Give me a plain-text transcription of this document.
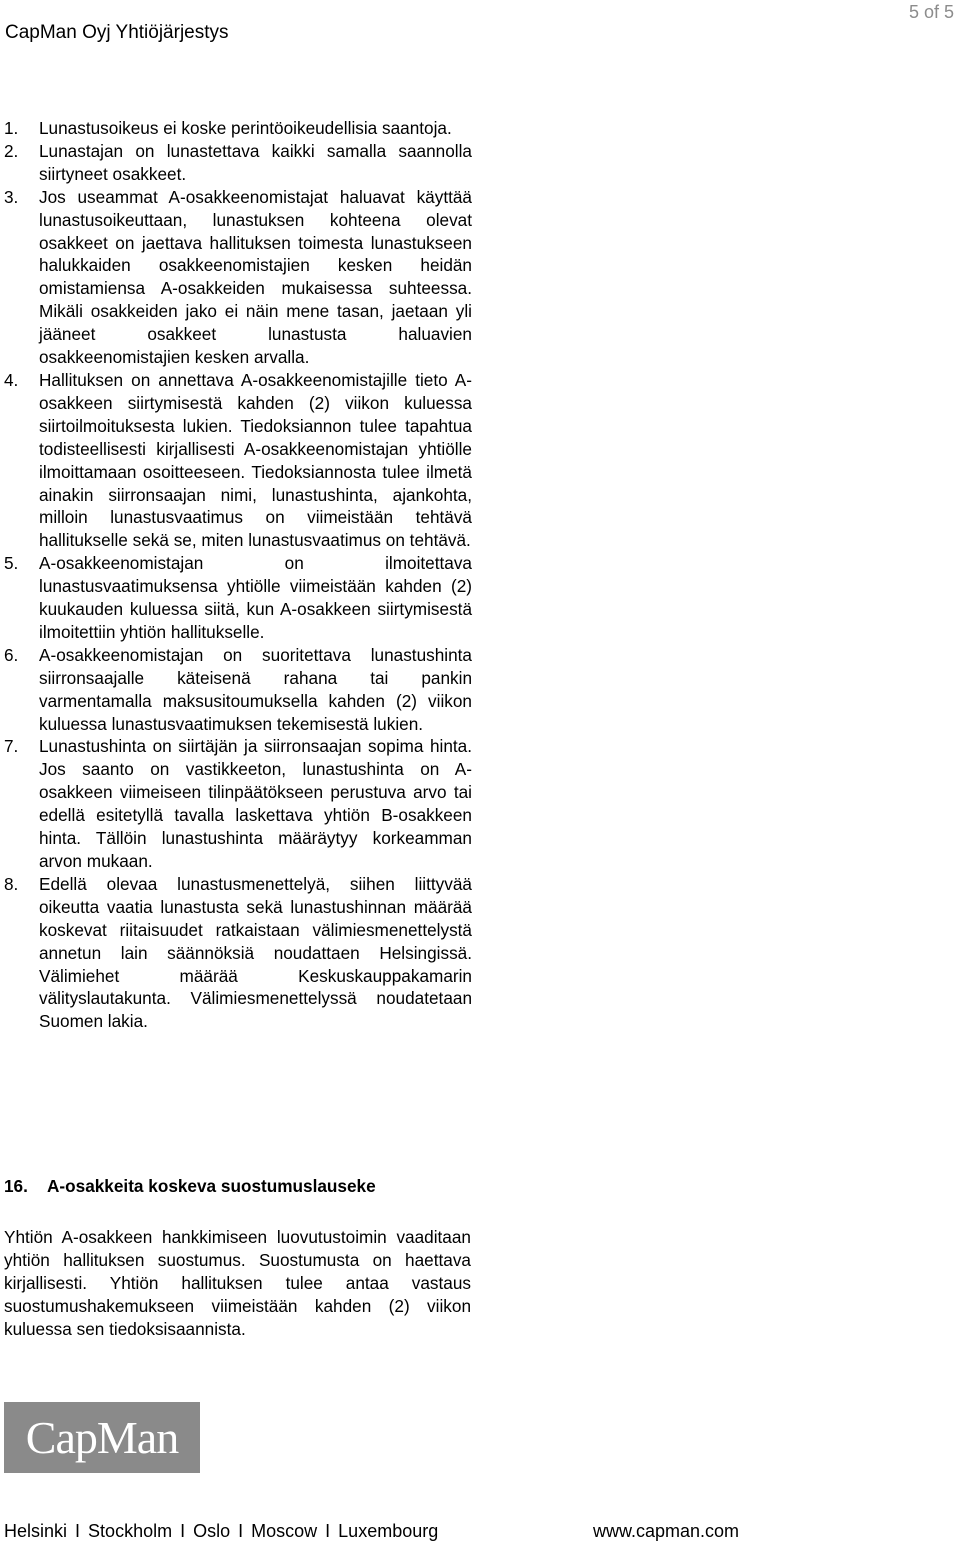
5 of 5
CapMan Oyj Yhtiöjärjestys
1.	Lunastusoikeus ei koske perintöoikeudellisia saantoja.
2.	Lunastajan on lunastettava kaikki samalla saannolla siirtyneet osakkeet.
3.	Jos useammat A-osakkeenomistajat haluavat käyttää lunastusoikeuttaan, lunastuksen kohteena olevat osakkeet on jaettava hallituksen toimesta lunastukseen halukkaiden osakkeenomistajien kesken heidän omistamiensa A-osakkeiden mukaisessa suhteessa. Mikäli osakkeiden jako ei näin mene tasan, jaetaan yli jääneet osakkeet lunastusta haluavien osakkeenomistajien kesken arvalla.
4.	Hallituksen on annettava A-osakkeenomistajille tieto A-osakkeen siirtymisestä kahden (2) viikon kuluessa siirtoilmoituksesta lukien. Tiedoksiannon tulee tapahtua todisteellisesti kirjallisesti A-osakkeenomistajan yhtiölle ilmoittamaan osoitteeseen. Tiedoksiannosta tulee ilmetä ainakin siirronsaajan nimi, lunastushinta, ajankohta, milloin lunastusvaatimus on viimeistään tehtävä hallitukselle sekä se, miten lunastusvaatimus on tehtävä.
5.	A-osakkeenomistajan on ilmoitettava lunastusvaatimuksensa yhtiölle viimeistään kahden (2) kuukauden kuluessa siitä, kun A-osakkeen siirtymisestä ilmoitettiin yhtiön hallitukselle.
6.	A-osakkeenomistajan on suoritettava lunastushinta siirronsaajalle käteisenä rahana tai pankin varmentamalla maksusitoumuksella kahden (2) viikon kuluessa lunastusvaatimuksen tekemisestä lukien.
7.	Lunastushinta on siirtäjän ja siirronsaajan sopima hinta. Jos saanto on vastikkeeton, lunastushinta on A-osakkeen viimeiseen tilinpäätökseen perustuva arvo tai edellä esitetyllä tavalla laskettava yhtiön B-osakkeen hinta. Tällöin lunastushinta määräytyy korkeamman arvon mukaan.
8.	Edellä olevaa lunastusmenettelyä, siihen liittyvää oikeutta vaatia lunastusta sekä lunastushinnan määrää koskevat riitaisuudet ratkaistaan välimiesmenettelystä annetun lain säännöksiä noudattaen Helsingissä. Välimiehet määrää Keskuskauppakamarin välityslautakunta. Välimiesmenettelyssä noudatetaan Suomen lakia.
16. A-osakkeita koskeva suostumuslauseke

Yhtiön A-osakkeen hankkimiseen luovutustoimin vaaditaan yhtiön hallituksen suostumus. Suostumusta on haettava kirjallisesti. Yhtiön hallituksen tulee antaa vastaus suostumushakemukseen viimeistään kahden (2) viikon kuluessa sen tiedoksisaannista.

CapMan
Helsinki I Stockholm I Oslo I Moscow I Luxembourg	www.capman.com
